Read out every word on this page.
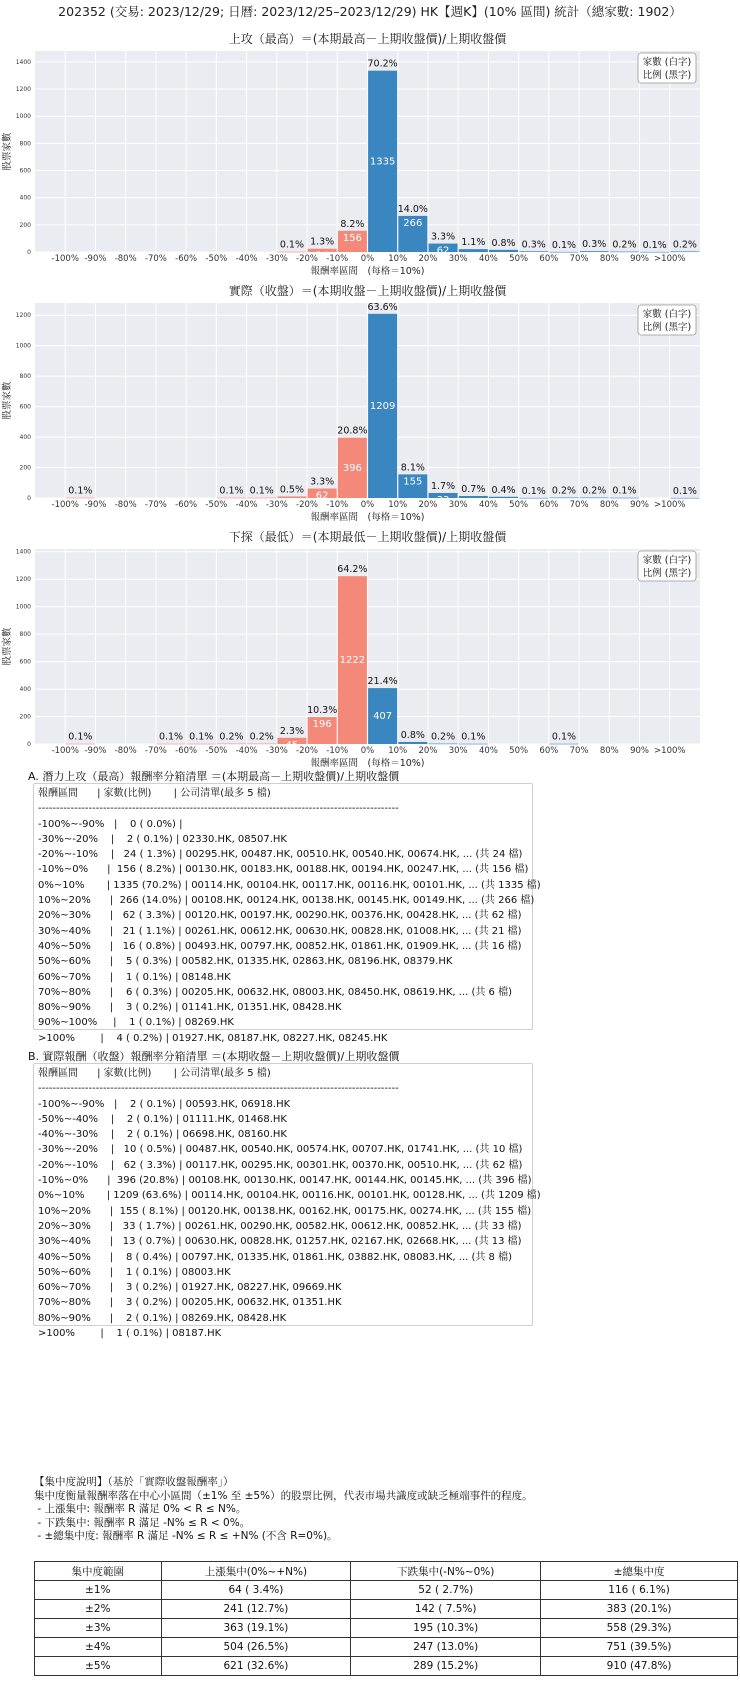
202352 (交易: 2023/12/29; 日曆: 2023/12/25–2023/12/29) HK【週K】(10% 區間) 統計（總家數: 1902）
上攻（最高）＝(本期最高－上期收盤價)/上期收盤價
0
200
400
600
800
1000
1200
1400
0.1% 1.3%
24
8.2%
156
70.2%
1335
14.0%
266
3.3%
62
1.1%
21
0.8%
16
0.3% 0.1% 0.3% 0.2% 0.1% 0.2%
-100% -90% -80% -70% -60% -50% -40% -30% -20% -10% 0% 10% 20% 30% 40% 50% 60% 70% 80% 90% >100%
報酬率區間　(每格＝10%)
股票家數
家數 (白字)
比例 (黑字)
實際（收盤）＝(本期收盤－上期收盤價)/上期收盤價
0
200
400
600
800
1000
1200
0.1%	0.1% 0.1% 0.5%
10
3.3%
62
20.8%
396
63.6%
1209
8.1%
155 1.7%
33
0.7%
13
0.4% 0.1% 0.2% 0.2% 0.1%	0.1%
-100% -90% -80% -70% -60% -50% -40% -30% -20% -10% 0% 10% 20% 30% 40% 50% 60% 70% 80% 90% >100%
報酬率區間　(每格＝10%)
股票家數
家數 (白字)
比例 (黑字)
下探（最低）＝(本期最低－上期收盤價)/上期收盤價
0
200
400
600
800
1000
1200
1400
0.1%	0.1% 0.1% 0.2% 0.2%
2.3%
45
10.3%
196
64.2%
1222
21.4%
407
0.8%
15
0.2% 0.1%	0.1%
-100% -90% -80% -70% -60% -50% -40% -30% -20% -10% 0% 10% 20% 30% 40% 50% 60% 70% 80% 90% >100%
報酬率區間　(每格＝10%)
股票家數
家數 (白字)
比例 (黑字)
A. 潛力上攻（最高）報酬率分箱清單 ＝(本期最高－上期收盤價)/上期收盤價
報酬區間      | 家數(比例)       | 公司清單(最多 5 檔)
----------------------------------------------------------------------------------------------------
-100%~-90%   |    0 ( 0.0%) |
-30%~-20%    |    2 ( 0.1%) | 02330.HK, 08507.HK
-20%~-10%    |   24 ( 1.3%) | 00295.HK, 00487.HK, 00510.HK, 00540.HK, 00674.HK, ... (共 24 檔)
-10%~0%      |  156 ( 8.2%) | 00130.HK, 00183.HK, 00188.HK, 00194.HK, 00247.HK, ... (共 156 檔)
0%~10%       | 1335 (70.2%) | 00114.HK, 00104.HK, 00117.HK, 00116.HK, 00101.HK, ... (共 1335 檔)
10%~20%      |  266 (14.0%) | 00108.HK, 00124.HK, 00138.HK, 00145.HK, 00149.HK, ... (共 266 檔)
20%~30%      |   62 ( 3.3%) | 00120.HK, 00197.HK, 00290.HK, 00376.HK, 00428.HK, ... (共 62 檔)
30%~40%      |   21 ( 1.1%) | 00261.HK, 00612.HK, 00630.HK, 00828.HK, 01008.HK, ... (共 21 檔)
40%~50%      |   16 ( 0.8%) | 00493.HK, 00797.HK, 00852.HK, 01861.HK, 01909.HK, ... (共 16 檔)
50%~60%      |    5 ( 0.3%) | 00582.HK, 01335.HK, 02863.HK, 08196.HK, 08379.HK
60%~70%      |    1 ( 0.1%) | 08148.HK
70%~80%      |    6 ( 0.3%) | 00205.HK, 00632.HK, 08003.HK, 08450.HK, 08619.HK, ... (共 6 檔)
80%~90%      |    3 ( 0.2%) | 01141.HK, 01351.HK, 08428.HK
90%~100%     |    1 ( 0.1%) | 08269.HK
>100%        |    4 ( 0.2%) | 01927.HK, 08187.HK, 08227.HK, 08245.HK
B. 實際報酬（收盤）報酬率分箱清單 ＝(本期收盤－上期收盤價)/上期收盤價
報酬區間      | 家數(比例)       | 公司清單(最多 5 檔)
----------------------------------------------------------------------------------------------------
-100%~-90%   |    2 ( 0.1%) | 00593.HK, 06918.HK
-50%~-40%    |    2 ( 0.1%) | 01111.HK, 01468.HK
-40%~-30%    |    2 ( 0.1%) | 06698.HK, 08160.HK
-30%~-20%    |   10 ( 0.5%) | 00487.HK, 00540.HK, 00574.HK, 00707.HK, 01741.HK, ... (共 10 檔)
-20%~-10%    |   62 ( 3.3%) | 00117.HK, 00295.HK, 00301.HK, 00370.HK, 00510.HK, ... (共 62 檔)
-10%~0%      |  396 (20.8%) | 00108.HK, 00130.HK, 00147.HK, 00144.HK, 00145.HK, ... (共 396 檔)
0%~10%       | 1209 (63.6%) | 00114.HK, 00104.HK, 00116.HK, 00101.HK, 00128.HK, ... (共 1209 檔)
10%~20%      |  155 ( 8.1%) | 00120.HK, 00138.HK, 00162.HK, 00175.HK, 00274.HK, ... (共 155 檔)
20%~30%      |   33 ( 1.7%) | 00261.HK, 00290.HK, 00582.HK, 00612.HK, 00852.HK, ... (共 33 檔)
30%~40%      |   13 ( 0.7%) | 00630.HK, 00828.HK, 01257.HK, 02167.HK, 02668.HK, ... (共 13 檔)
40%~50%      |    8 ( 0.4%) | 00797.HK, 01335.HK, 01861.HK, 03882.HK, 08083.HK, ... (共 8 檔)
50%~60%      |    1 ( 0.1%) | 08003.HK
60%~70%      |    3 ( 0.2%) | 01927.HK, 08227.HK, 09669.HK
70%~80%      |    3 ( 0.2%) | 00205.HK, 00632.HK, 01351.HK
80%~90%      |    2 ( 0.1%) | 08269.HK, 08428.HK
>100%        |    1 ( 0.1%) | 08187.HK
【集中度說明】（基於「實際收盤報酬率」）
集中度衡量報酬率落在中心小區間（±1% 至 ±5%）的股票比例，代表市場共識度或缺乏極端事件的程度。
- 上漲集中: 報酬率 R 滿足 0% < R ≤ N%。
- 下跌集中: 報酬率 R 滿足 -N% ≤ R < 0%。
- ±總集中度: 報酬率 R 滿足 -N% ≤ R ≤ +N% (不含 R=0%)。
集中度範圍	上漲集中(0%~+N%)	下跌集中(-N%~0%)	±總集中度
±1%	64 ( 3.4%)	52 ( 2.7%)	116 ( 6.1%)
±2%	241 (12.7%)	142 ( 7.5%)	383 (20.1%)
±3%	363 (19.1%)	195 (10.3%)	558 (29.3%)
±4%	504 (26.5%)	247 (13.0%)	751 (39.5%)
±5%	621 (32.6%)	289 (15.2%)	910 (47.8%)
